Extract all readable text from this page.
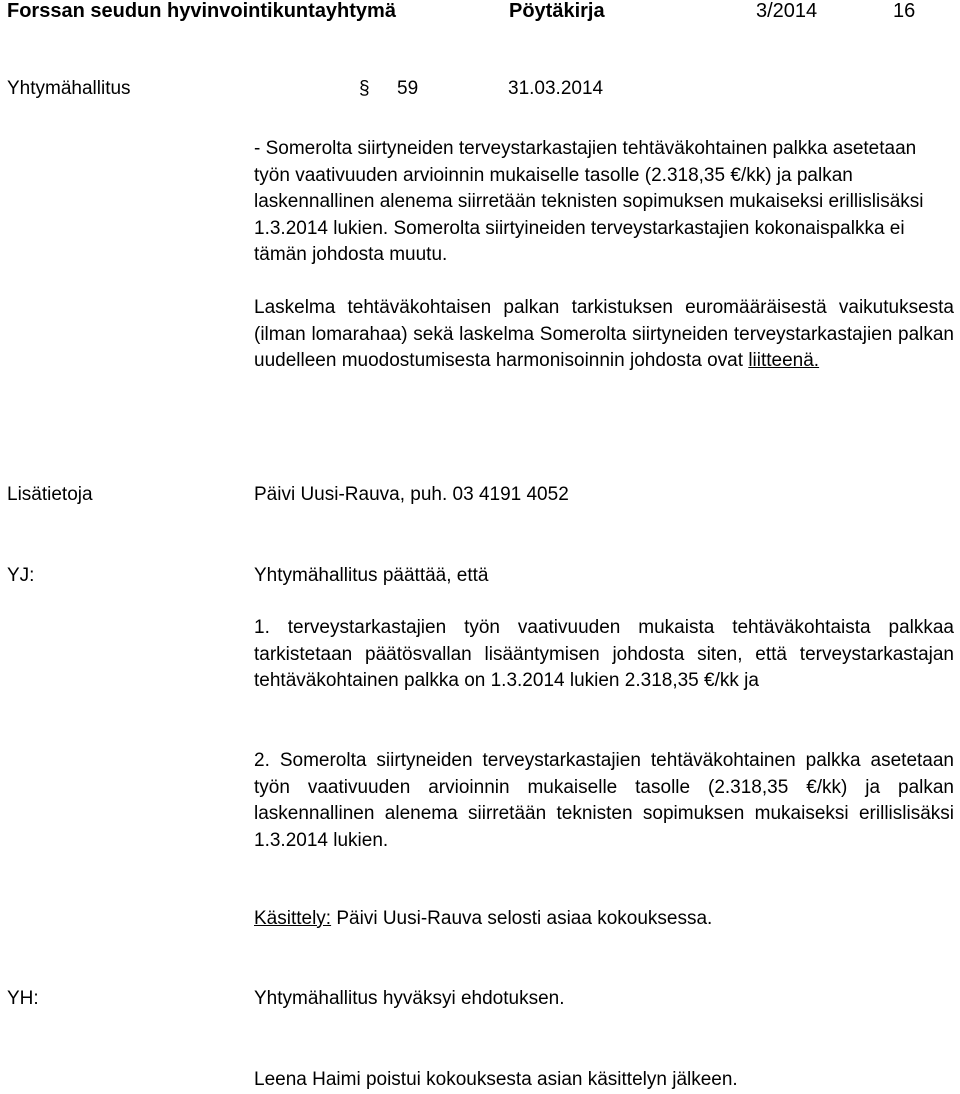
Forssan seudun hyvinvointikuntayhtymä	Pöytäkirja	3/2014	16
Yhtymähallitus	§ 59	31.03.2014
- Somerolta siirtyneiden terveystarkastajien tehtäväkohtainen palkka asetetaan työn vaativuuden arvioinnin mukaiselle tasolle (2.318,35 €/kk) ja palkan laskennallinen alenema siirretään teknisten sopimuksen mukaiseksi erillislisäksi 1.3.2014 lukien. Somerolta siirtyineiden terveystarkastajien kokonaispalkka ei tämän johdosta muutu.
Laskelma tehtäväkohtaisen palkan tarkistuksen euromääräisestä vaikutuksesta (ilman lomarahaa) sekä laskelma Somerolta siirtyneiden terveystarkastajien palkan uudelleen muodostumisesta harmonisoinnin johdosta ovat liitteenä.
Lisätietoja	Päivi Uusi-Rauva, puh. 03 4191 4052
YJ:	Yhtymähallitus päättää, että
1. terveystarkastajien työn vaativuuden mukaista tehtäväkohtaista palkkaa tarkistetaan päätösvallan lisääntymisen johdosta siten, että terveystarkastajan tehtäväkohtainen palkka on 1.3.2014 lukien 2.318,35 €/kk ja
2. Somerolta siirtyneiden terveystarkastajien tehtäväkohtainen palkka asetetaan työn vaativuuden arvioinnin mukaiselle tasolle (2.318,35 €/kk) ja palkan laskennallinen alenema siirretään teknisten sopimuksen mukaiseksi erillislisäksi 1.3.2014 lukien.
Käsittely: Päivi Uusi-Rauva selosti asiaa kokouksessa.
YH:	Yhtymähallitus hyväksyi ehdotuksen.
Leena Haimi poistui kokouksesta asian käsittelyn jälkeen.
